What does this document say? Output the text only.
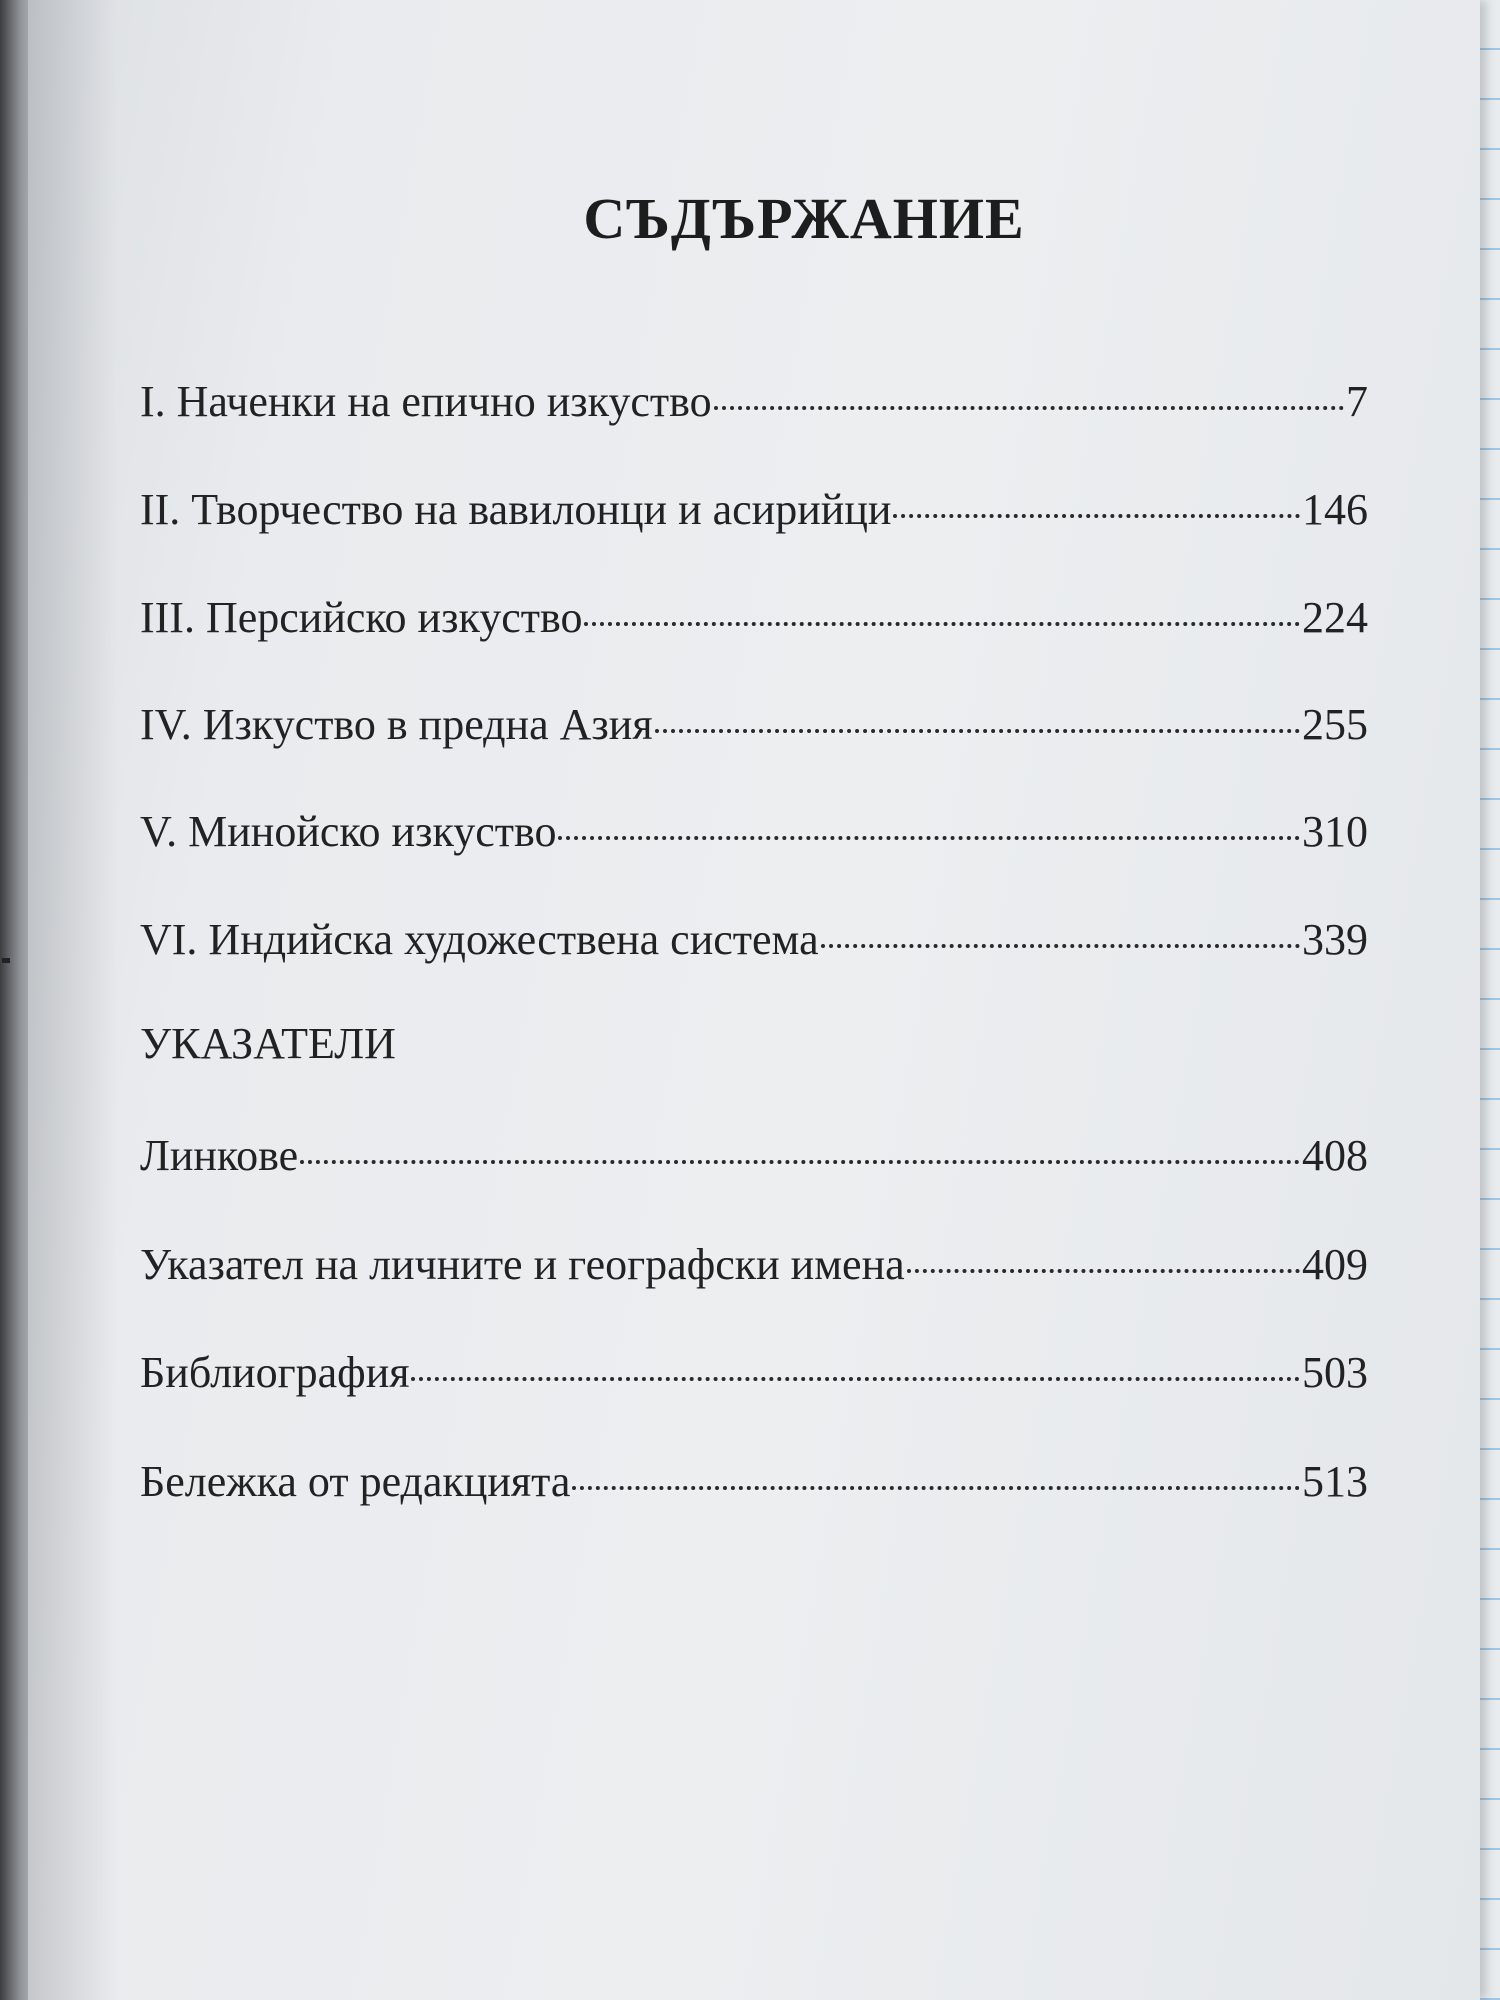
СЪДЪРЖАНИЕ
I. Наченки на епично изкуство	7
II. Творчество на вавилонци и асирийци	146
III. Персийско изкуство	224
IV. Изкуство в предна Азия	255
V. Минойско изкуство	310
VI. Индийска художествена система	339
УКАЗАТЕЛИ
Линкове	408
Указател на личните и географски имена	409
Библиография	503
Бележка от редакцията	513
